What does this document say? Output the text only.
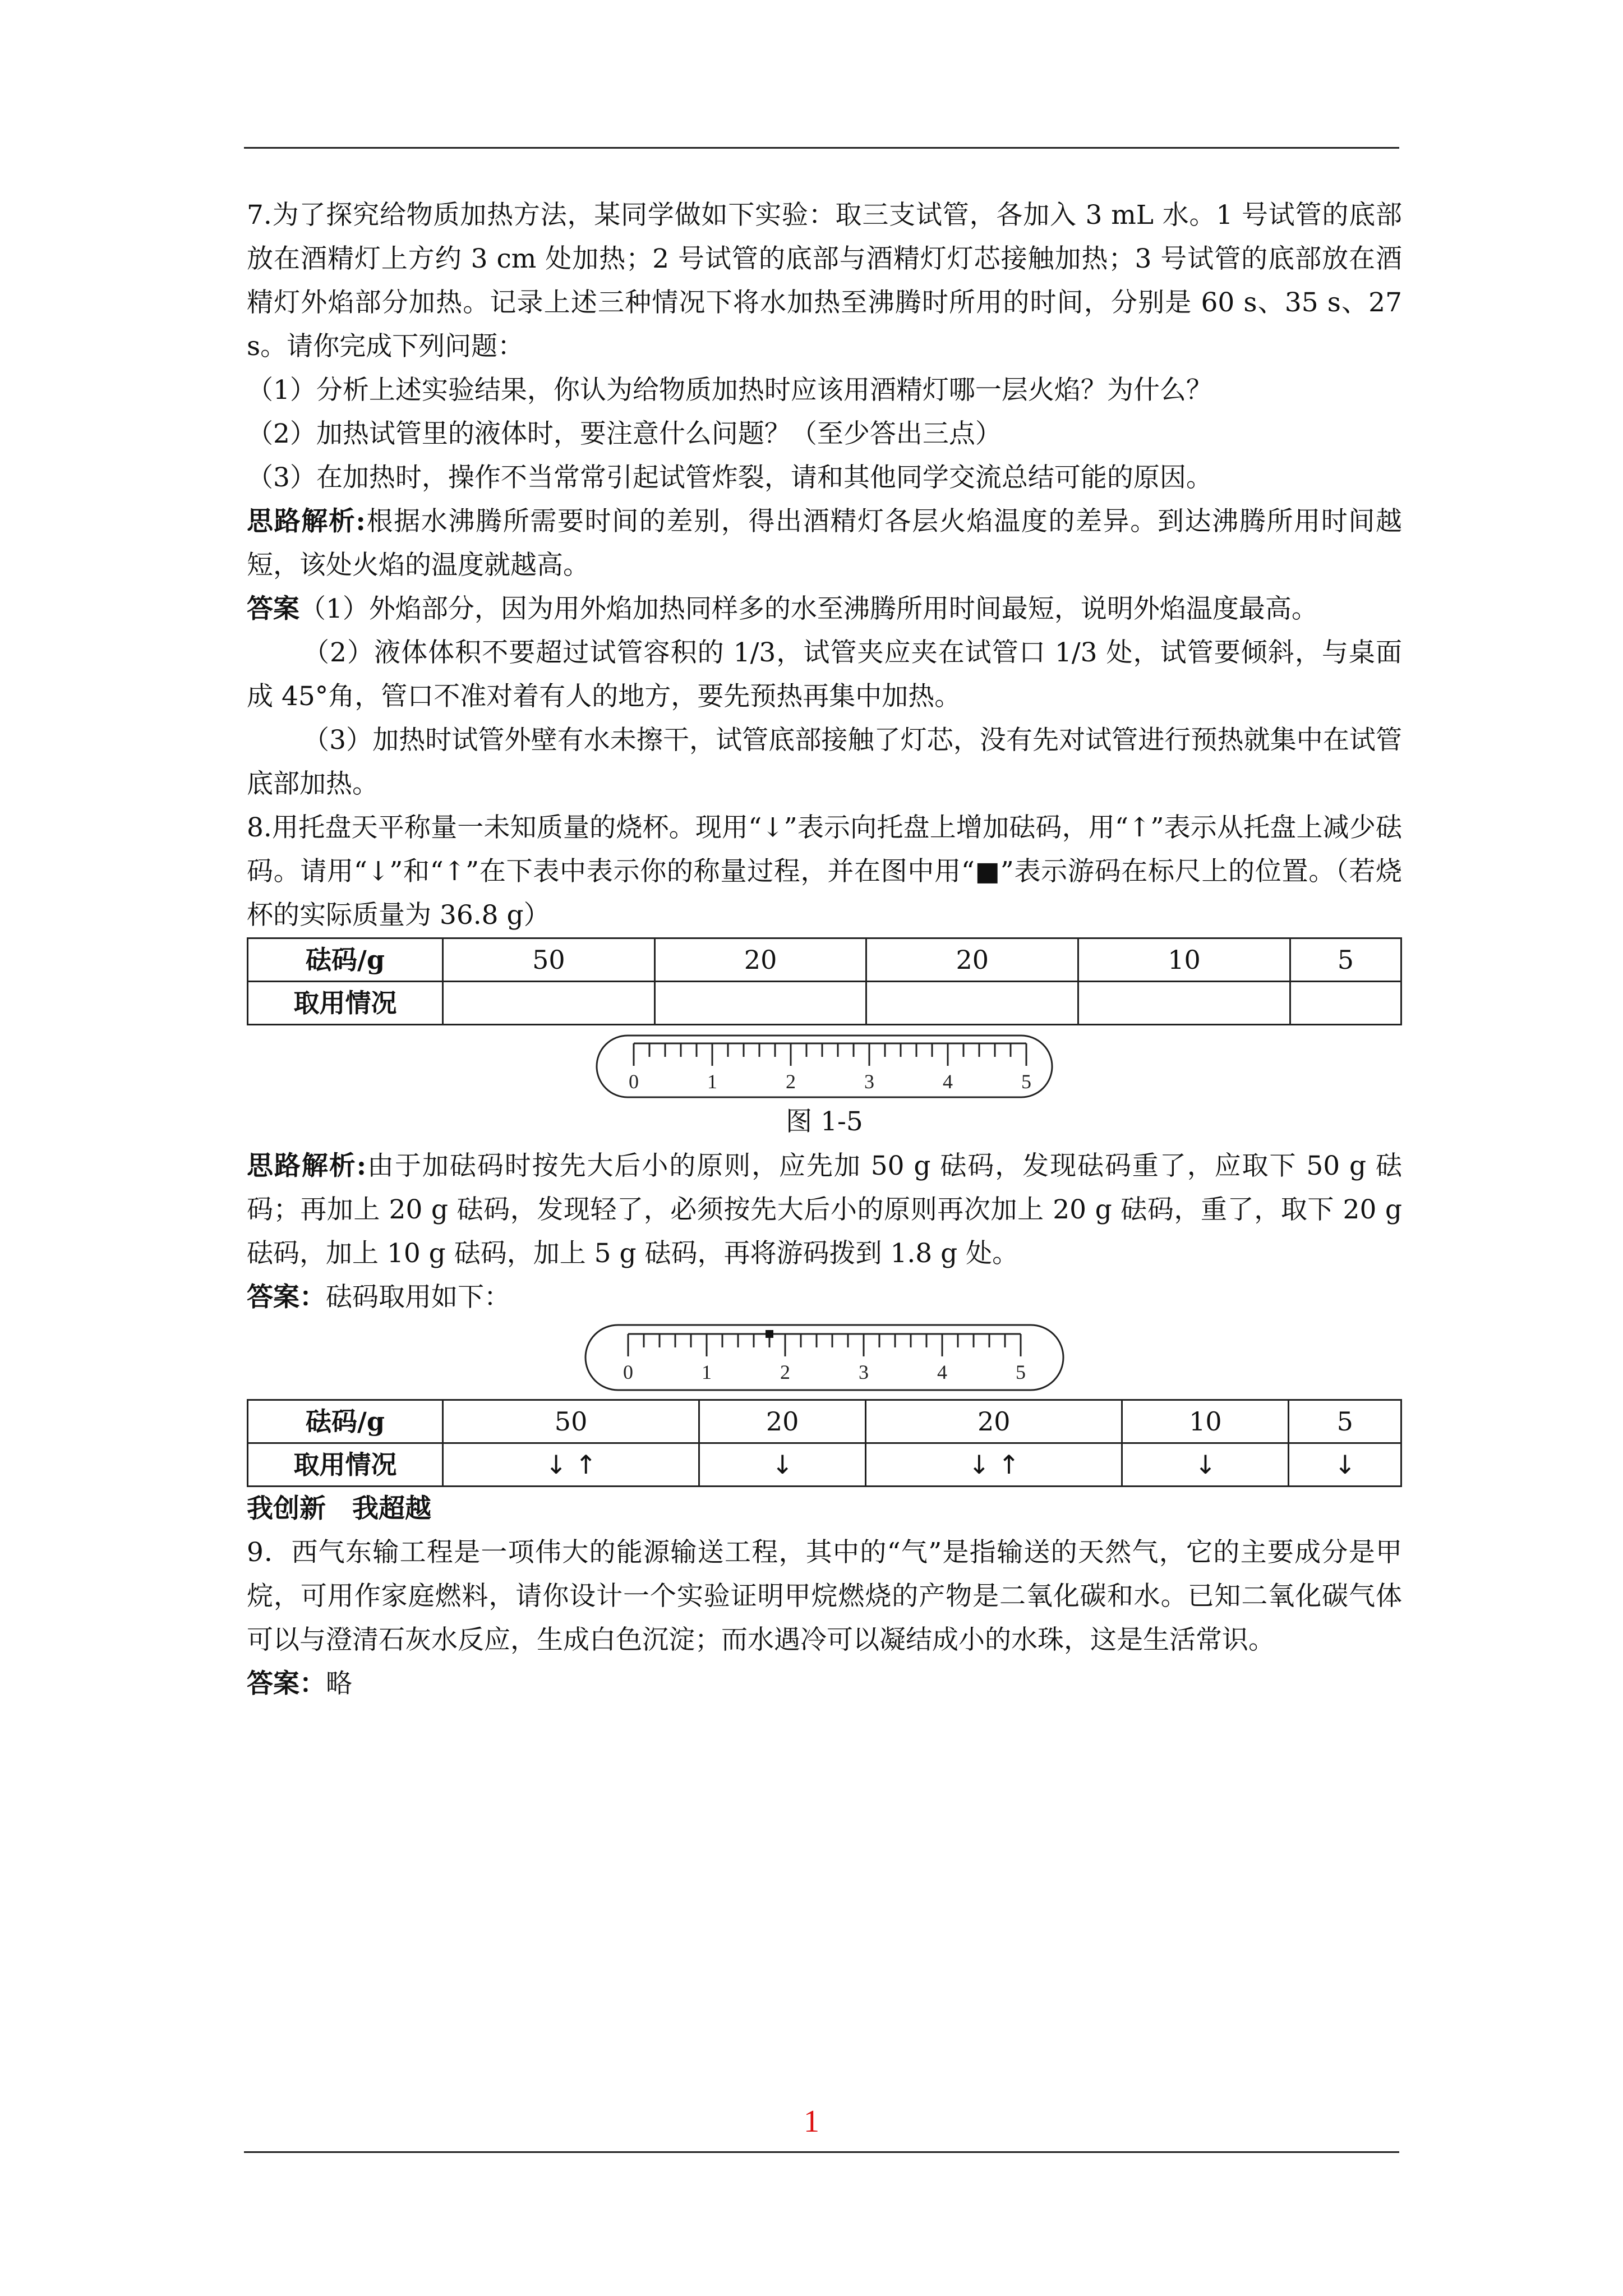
7.为了探究给物质加热方法，某同学做如下实验：取三支试管，各加入 3 mL 水。1 号试管的底部放在酒精灯上方约 3 cm 处加热；2 号试管的底部与酒精灯灯芯接触加热；3 号试管的底部放在酒精灯外焰部分加热。记录上述三种情况下将水加热至沸腾时所用的时间，分别是 60 s、35 s、27 s。请你完成下列问题：

（1）分析上述实验结果，你认为给物质加热时应该用酒精灯哪一层火焰？为什么？

（2）加热试管里的液体时，要注意什么问题？（至少答出三点）

（3）在加热时，操作不当常常引起试管炸裂，请和其他同学交流总结可能的原因。

思路解析:根据水沸腾所需要时间的差别，得出酒精灯各层火焰温度的差异。到达沸腾所用时间越短，该处火焰的温度就越高。

答案（1）外焰部分，因为用外焰加热同样多的水至沸腾所用时间最短，说明外焰温度最高。

（2）液体体积不要超过试管容积的 1/3，试管夹应夹在试管口 1/3 处，试管要倾斜，与桌面成 45°角，管口不准对着有人的地方，要先预热再集中加热。

（3）加热时试管外壁有水未擦干，试管底部接触了灯芯，没有先对试管进行预热就集中在试管底部加热。

8.用托盘天平称量一未知质量的烧杯。现用“↓”表示向托盘上增加砝码，用“↑”表示从托盘上减少砝码。请用“↓”和“↑”在下表中表示你的称量过程，并在图中用“■”表示游码在标尺上的位置。（若烧杯的实际质量为 36.8 g）

砝码/g	50	20	20	10	5
取用情况					
0	1	2	3	4	5
图 1-5

思路解析:由于加砝码时按先大后小的原则，应先加 50 g 砝码，发现砝码重了，应取下 50 g 砝码；再加上 20 g 砝码，发现轻了，必须按先大后小的原则再次加上 20 g 砝码，重了，取下 20 g 砝码，加上 10 g 砝码，加上 5 g 砝码，再将游码拨到 1.8 g 处。

答案：砝码取用如下：

0	1	2	3	4	5
砝码/g	50	20	20	10	5
取用情况	↓ ↑	↓	↓ ↑	↓	↓

我创新　我超越

9．西气东输工程是一项伟大的能源输送工程，其中的“气”是指输送的天然气，它的主要成分是甲烷，可用作家庭燃料，请你设计一个实验证明甲烷燃烧的产物是二氧化碳和水。已知二氧化碳气体可以与澄清石灰水反应，生成白色沉淀；而水遇冷可以凝结成小的水珠，这是生活常识。

答案：略

1
